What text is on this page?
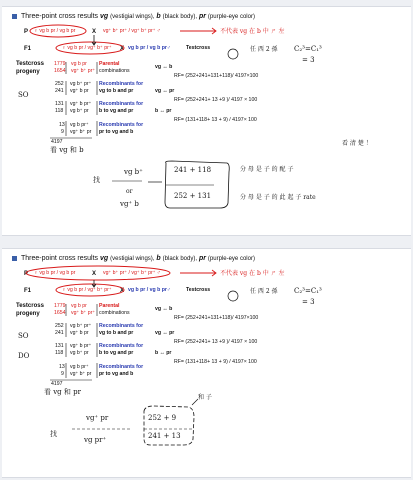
Three-point cross results vg (vestigial wings), b (black body), pr (purple-eye color)
P ♀ vg b pr / vg b pr	X vg⁺ b⁺ pr⁺ / vg⁺ b⁺ pr⁺ ♂
F1	♀ vg b pr / vg⁺ b⁺ pr⁺ X vg b pr / vg b pr♂	Testcross
Testcross
progeny
1779 vg b pr Parental
1654 vg⁺ b⁺ pr⁺ combinations
252 vg b⁺ pr⁺ Recombinants for
241 vg⁺ b pr vg to b and pr
131 vg⁺ b pr⁺ Recombinants for
118 vg b⁺ pr b to vg and pr
13 vg b pr⁺ Recombinants for
9 vg⁺ b⁺ pr pr to vg and b
4197
vg ↔ b
RF= (252+241+131+118)/ 4197×100
vg ↔ pr
RF= (252+241+ 13 +9 )/ 4197 × 100
b ↔ pr
RF= (131+118+ 13 + 9) / 4197× 100
不代表 vg 在 b 中 ㄕ 左
任 西 2 孫 C₂³=C₁³
= 3
SO
看 清 楚 ！
看 vg 和 b
找
vg b⁺
or
vg⁺ b
241 + 118
252 + 131
分 母 是 子 的 配 子
分 母 是 子 的 此 起 子 rate
Three-point cross results vg (vestigial wings), b (black body), pr (purple-eye color)
P ♀ vg b pr / vg b pr	X vg⁺ b⁺ pr⁺ / vg⁺ b⁺ pr⁺ ♂
F1	♀ vg b pr / vg⁺ b⁺ pr⁺ X vg b pr / vg b pr♂	Testcross
Testcross
progeny
1779 vg b pr Parental
1654 vg⁺ b⁺ pr⁺ combinations
252 vg b⁺ pr⁺ Recombinants for
241 vg⁺ b pr vg to b and pr
131 vg⁺ b pr⁺ Recombinants for
118 vg b⁺ pr b to vg and pr
13 vg b pr⁺ Recombinants for
9 vg⁺ b⁺ pr pr to vg and b
4197
vg ↔ b
RF= (252+241+131+118)/ 4197×100
vg ↔ pr
RF= (252+241+ 13 +9 )/ 4197 × 100
b ↔ pr
RF= (131+118+ 13 + 9) / 4197× 100
不代表 vg 在 b 中 ㄕ 左
任 西 2 孫 C₂³=C₁³
= 3
SO
DO
看 vg 和 pr
找
vg⁺ pr
vg pr⁺
252 + 9
241 + 13
和 子
